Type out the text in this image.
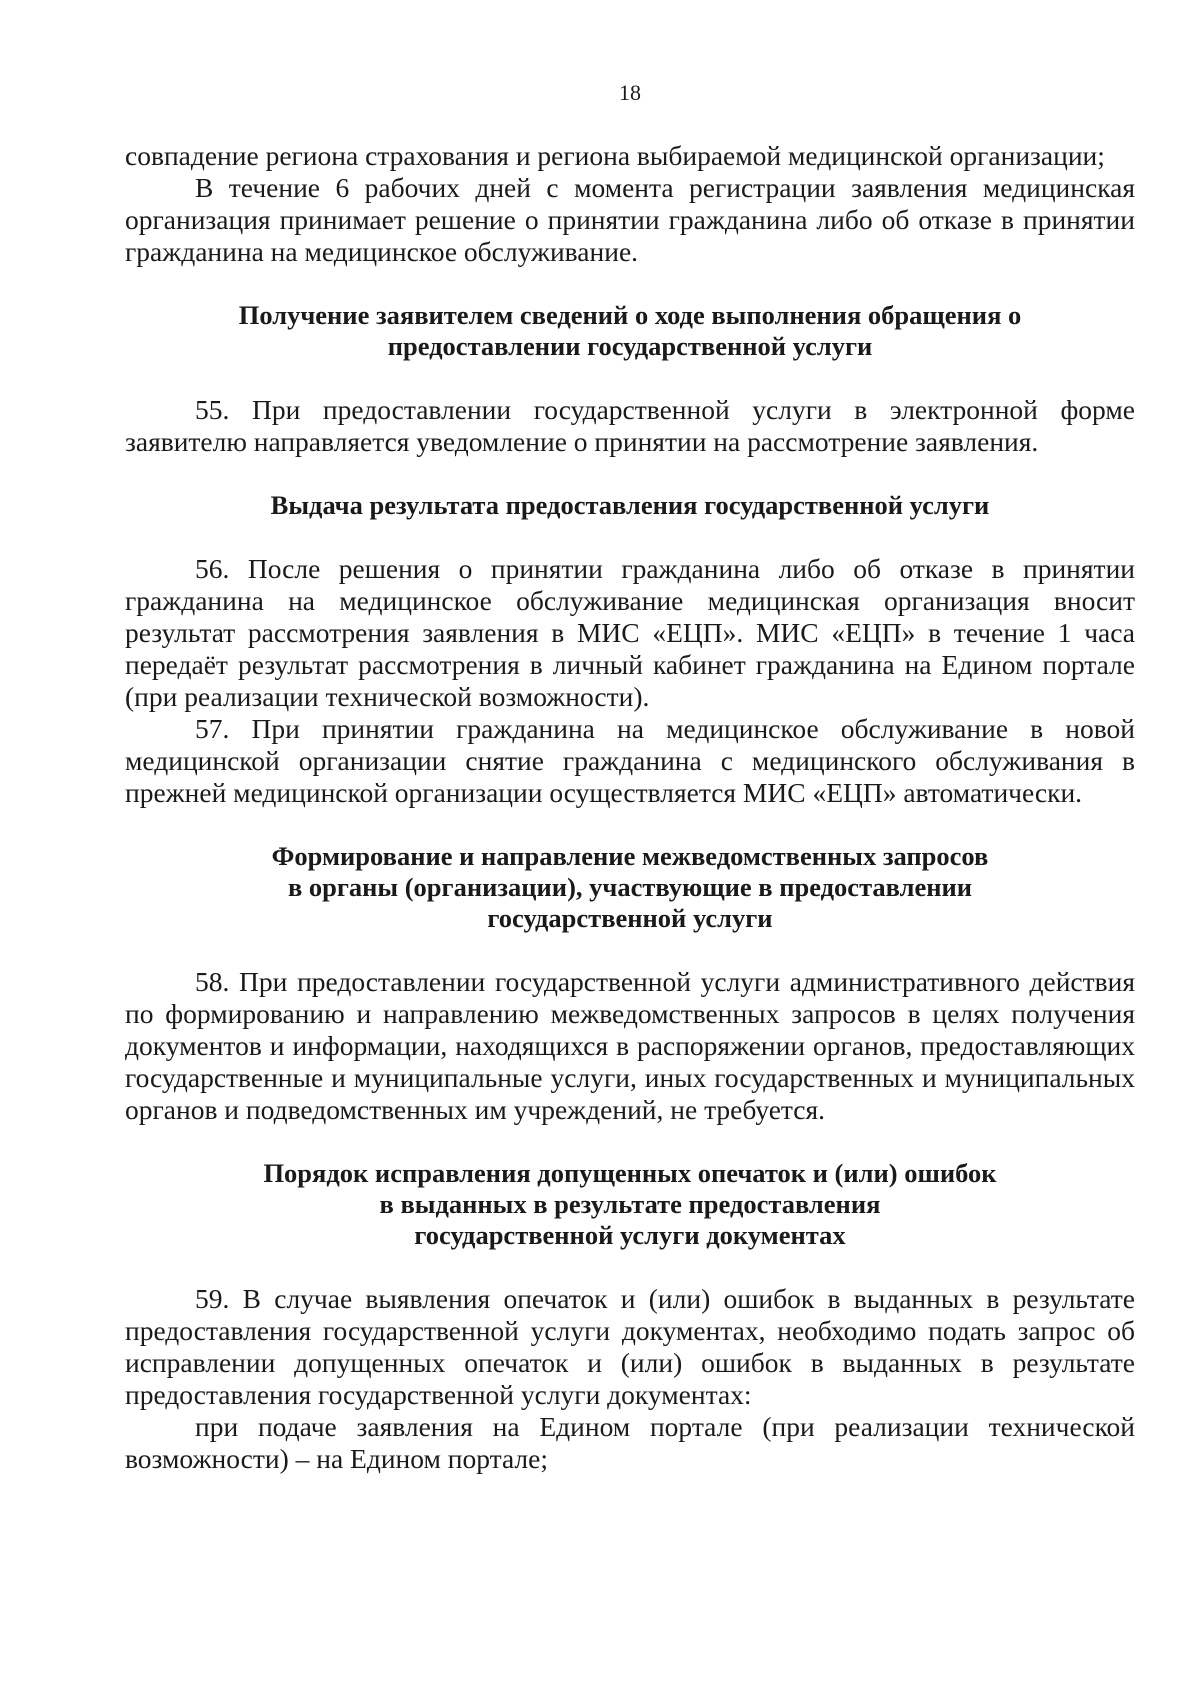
18

совпадение региона страхования и региона выбираемой медицинской организации;

В течение 6 рабочих дней с момента регистрации заявления медицинская организация принимает решение о принятии гражданина либо об отказе в принятии гражданина на медицинское обслуживание.

Получение заявителем сведений о ходе выполнения обращения о
предоставлении государственной услуги

55. При предоставлении государственной услуги в электронной форме заявителю направляется уведомление о принятии на рассмотрение заявления.

Выдача результата предоставления государственной услуги

56. После решения о принятии гражданина либо об отказе в принятии гражданина на медицинское обслуживание медицинская организация вносит результат рассмотрения заявления в МИС «ЕЦП». МИС «ЕЦП» в течение 1 часа передаёт результат рассмотрения в личный кабинет гражданина на Едином портале (при реализации технической возможности).

57. При принятии гражданина на медицинское обслуживание в новой медицинской организации снятие гражданина с медицинского обслуживания в прежней медицинской организации осуществляется МИС «ЕЦП» автоматически.

Формирование и направление межведомственных запросов
в органы (организации), участвующие в предоставлении
государственной услуги

58. При предоставлении государственной услуги административного действия по формированию и направлению межведомственных запросов в целях получения документов и информации, находящихся в распоряжении органов, предоставляющих государственные и муниципальные услуги, иных государственных и муниципальных органов и подведомственных им учреждений, не требуется.

Порядок исправления допущенных опечаток и (или) ошибок
в выданных в результате предоставления
государственной услуги документах

59. В случае выявления опечаток и (или) ошибок в выданных в результате предоставления государственной услуги документах, необходимо подать запрос об исправлении допущенных опечаток и (или) ошибок в выданных в результате предоставления государственной услуги документах:

при подаче заявления на Едином портале (при реализации технической возможности) – на Едином портале;
